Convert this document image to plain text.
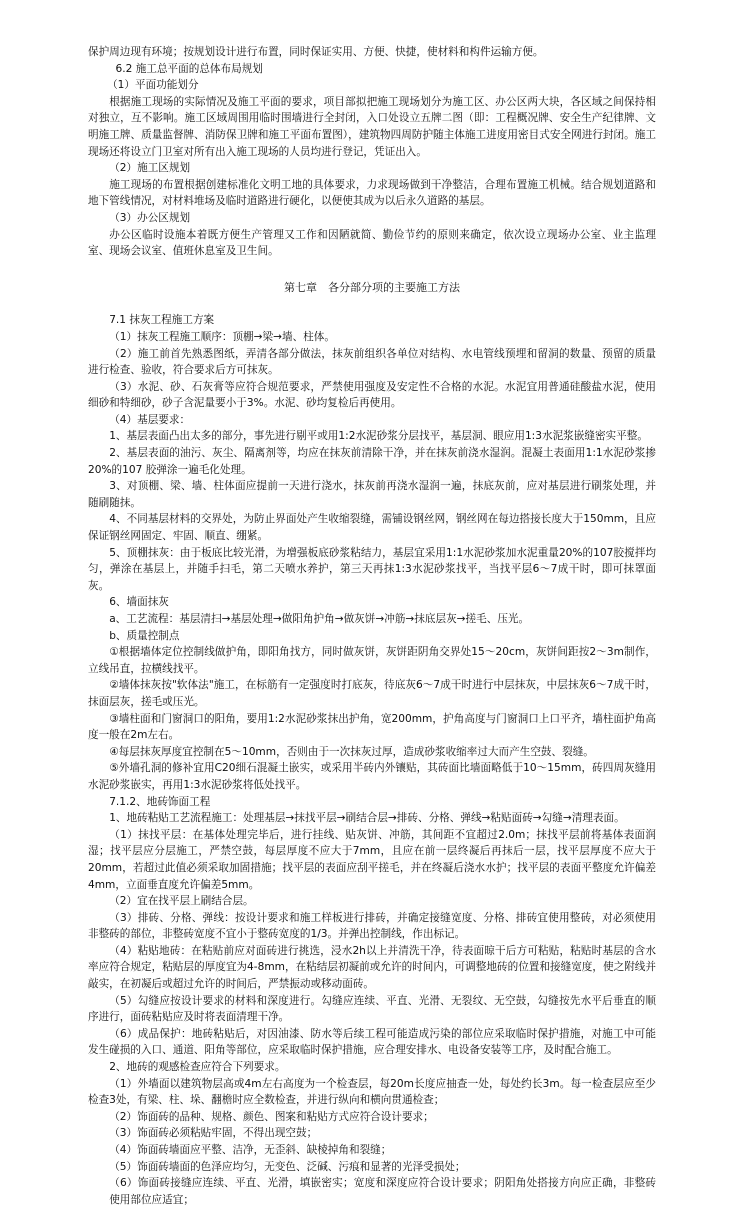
保护周边现有环境；按规划设计进行布置，同时保证实用、方便、快捷，使材料和构件运输方便。

6.2 施工总平面的总体布局规划

（1）平面功能划分

根据施工现场的实际情况及施工平面的要求，项目部拟把施工现场划分为施工区、办公区两大块，各区域之间保持相对独立，互不影响。施工区域周围用临时围墙进行全封闭，入口处设立五牌二图（即：工程概况牌、安全生产纪律牌、文明施工牌、质量监督牌、消防保卫牌和施工平面布置图），建筑物四周防护随主体施工进度用密目式安全网进行封闭。施工现场还将设立门卫室对所有出入施工现场的人员均进行登记，凭证出入。

（2）施工区规划

施工现场的布置根据创建标准化文明工地的具体要求，力求现场做到干净整洁，合理布置施工机械。结合规划道路和地下管线情况，对材料堆场及临时道路进行硬化，以便使其成为以后永久道路的基层。

（3）办公区规划

办公区临时设施本着既方便生产管理又工作和因陋就简、勤俭节约的原则来确定，依次设立现场办公室、业主监理室、现场会议室、值班休息室及卫生间。

第七章　各分部分项的主要施工方法

7.1 抹灰工程施工方案

（1）抹灰工程施工顺序：顶棚→梁→墙、柱体。

（2）施工前首先熟悉图纸，弄清各部分做法，抹灰前组织各单位对结构、水电管线预埋和留洞的数量、预留的质量进行检查、验收，符合要求后方可抹灰。

（3）水泥、砂、石灰膏等应符合规范要求，严禁使用强度及安定性不合格的水泥。水泥宜用普通硅酸盐水泥，使用细砂和特细砂，砂子含泥量要小于3%。水泥、砂均复检后再使用。

（4）基层要求：

1、基层表面凸出太多的部分，事先进行剔平或用1:2水泥砂浆分层找平，基层洞、眼应用1:3水泥浆嵌缝密实平整。

2、基层表面的油污、灰尘、隔离剂等，均应在抹灰前清除干净，并在抹灰前浇水湿润。混凝土表面用1:1水泥砂浆掺20%的107 胶弹涂一遍毛化处理。

3、对顶棚、梁、墙、柱体面应提前一天进行浇水，抹灰前再浇水湿润一遍，抹底灰前，应对基层进行刷浆处理，并随刷随抹。

4、不同基层材料的交界处，为防止界面处产生收缩裂缝，需铺设钢丝网，钢丝网在每边搭接长度大于150mm，且应保证钢丝网固定、牢固、顺直、绷紧。

5、顶棚抹灰：由于板底比较光滑，为增强板底砂浆粘结力，基层宜采用1:1水泥砂浆加水泥重量20%的107胶搅拌均匀，弹涂在基层上，并随手扫毛，第二天喷水养护，第三天再抹1:3水泥砂浆找平，当找平层6～7成干时，即可抹罩面灰。

6、墙面抹灰

a、工艺流程：基层清扫→基层处理→做阳角护角→做灰饼→冲筋→抹底层灰→搓毛、压光。

b、质量控制点

①根据墙体定位控制线做护角，即阳角找方，同时做灰饼，灰饼距阴角交界处15～20cm，灰饼间距按2～3m制作，立线吊直，拉横线找平。

②墙体抹灰按"软体法"施工，在标筋有一定强度时打底灰，待底灰6～7成干时进行中层抹灰，中层抹灰6～7成干时，抹面层灰，搓毛或压光。

③墙柱面和门窗洞口的阳角，要用1:2水泥砂浆抹出护角，宽200mm，护角高度与门窗洞口上口平齐，墙柱面护角高度一般在2m左右。

④每层抹灰厚度宜控制在5～10mm，否则由于一次抹灰过厚，造成砂浆收缩率过大而产生空鼓、裂缝。

⑤外墙孔洞的修补宜用C20细石混凝土嵌实，或采用半砖内外镶贴，其砖面比墙面略低于10～15mm，砖四周灰缝用水泥砂浆嵌实，再用1:3水泥砂浆将低处找平。

7.1.2、地砖饰面工程

1、地砖粘贴工艺流程施工：处理基层→抹找平层→刷结合层→排砖、分格、弹线→粘贴面砖→勾缝→清理表面。

（1）抹找平层：在基体处理完毕后，进行挂线、贴灰饼、冲筋，其间距不宜超过2.0m；抹找平层前将基体表面润湿；找平层应分层施工，严禁空鼓，每层厚度不应大于7mm，且应在前一层终凝后再抹后一层，找平层厚度不应大于20mm，若超过此值必须采取加固措施；找平层的表面应刮平搓毛，并在终凝后浇水水护；找平层的表面平整度允许偏差4mm，立面垂直度允许偏差5mm。

（2）宜在找平层上刷结合层。

（3）排砖、分格、弹线：按设计要求和施工样板进行排砖，并确定接缝宽度、分格、排砖宜使用整砖，对必须使用非整砖的部位，非整砖宽度不宜小于整砖宽度的1/3。并弹出控制线，作出标记。

（4）粘贴地砖：在粘贴前应对面砖进行挑选，浸水2h以上并清洗干净，待表面晾干后方可粘贴，粘贴时基层的含水率应符合规定，粘贴层的厚度宜为4-8mm，在粘结层初凝前或允许的时间内，可调整地砖的位置和接缝宽度，使之附线并敲实，在初凝后或超过允许的时间后，严禁振动或移动面砖。

（5）勾缝应按设计要求的材料和深度进行。勾缝应连续、平直、光滑、无裂纹、无空鼓，勾缝按先水平后垂直的顺序进行，面砖粘贴应及时将表面清理干净。

（6）成品保护：地砖粘贴后，对因油漆、防水等后续工程可能造成污染的部位应采取临时保护措施，对施工中可能发生碰损的入口、通道、阳角等部位，应采取临时保护措施，应合理安排水、电设备安装等工序，及时配合施工。

2、地砖的观感检查应符合下列要求。

（1）外墙面以建筑物层高或4m左右高度为一个检查层，每20m长度应抽查一处，每处约长3m。每一检查层应至少检查3处，有梁、柱、垛、翻檐时应全数检查，并进行纵向和横向贯通检查；

（2）饰面砖的品种、规格、颜色、图案和粘贴方式应符合设计要求；

（3）饰面砖必须粘贴牢固，不得出现空鼓；

（4）饰面砖墙面应平整、洁净，无歪斜、缺棱掉角和裂缝；

（5）饰面砖墙面的色泽应均匀，无变色、泛碱、污痕和显著的光泽受损处；

（6）饰面砖接缝应连续、平直、光滑，填嵌密实；宽度和深度应符合设计要求；阴阳角处搭接方向应正确，非整砖使用部位应适宜；
